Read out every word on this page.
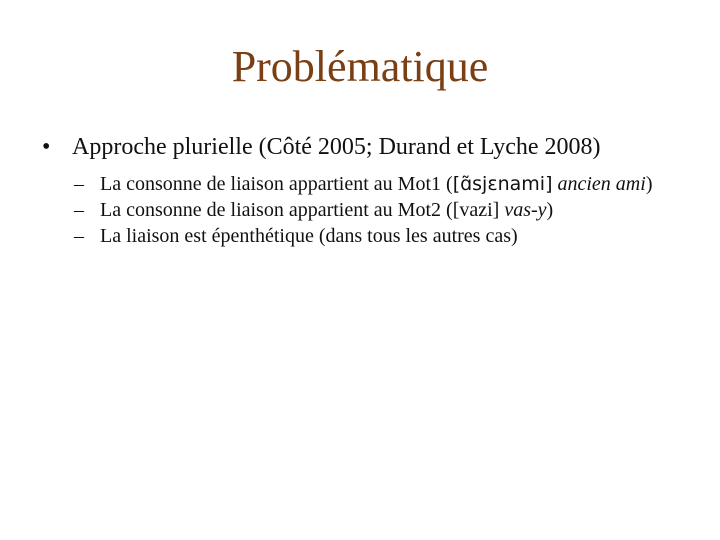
Problématique
• Approche plurielle (Côté 2005; Durand et Lyche 2008)
– La consonne de liaison appartient au Mot1 ([ɑ̃sjɛnami] ancien ami)
– La consonne de liaison appartient au Mot2 ([vazi] vas-y)
– La liaison est épenthétique (dans tous les autres cas)
